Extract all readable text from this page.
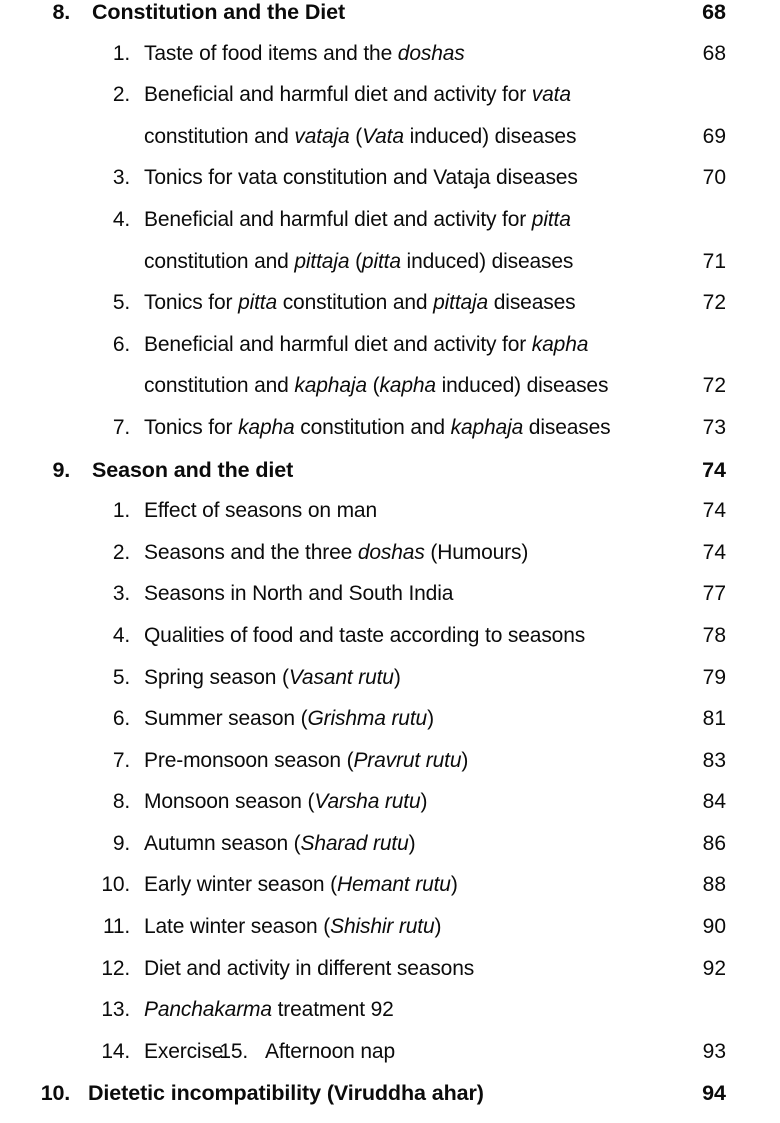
8. Constitution and the Diet	68
1. Taste of food items and the doshas	68
2. Beneficial and harmful diet and activity for vata
constitution and vataja (Vata induced) diseases	69
3. Tonics for vata constitution and Vataja diseases	70
4. Beneficial and harmful diet and activity for pitta
constitution and pittaja (pitta induced) diseases	71
5. Tonics for pitta constitution and pittaja diseases	72
6. Beneficial and harmful diet and activity for kapha
constitution and kaphaja (kapha induced) diseases	72
7. Tonics for kapha constitution and kaphaja diseases	73
9. Season and the diet	74
1. Effect of seasons on man	74
2. Seasons and the three doshas (Humours)	74
3. Seasons in North and South India	77
4. Qualities of food and taste according to seasons	78
5. Spring season (Vasant rutu)	79
6. Summer season (Grishma rutu)	81
7. Pre-monsoon season (Pravrut rutu)	83
8. Monsoon season (Varsha rutu)	84
9. Autumn season (Sharad rutu)	86
10. Early winter season (Hemant rutu)	88
11. Late winter season (Shishir rutu)	90
12. Diet and activity in different seasons	92
13. Panchakarma treatment 92
14. Exercise
15. Afternoon nap	93
10. Dietetic incompatibility (Viruddha ahar)	94
